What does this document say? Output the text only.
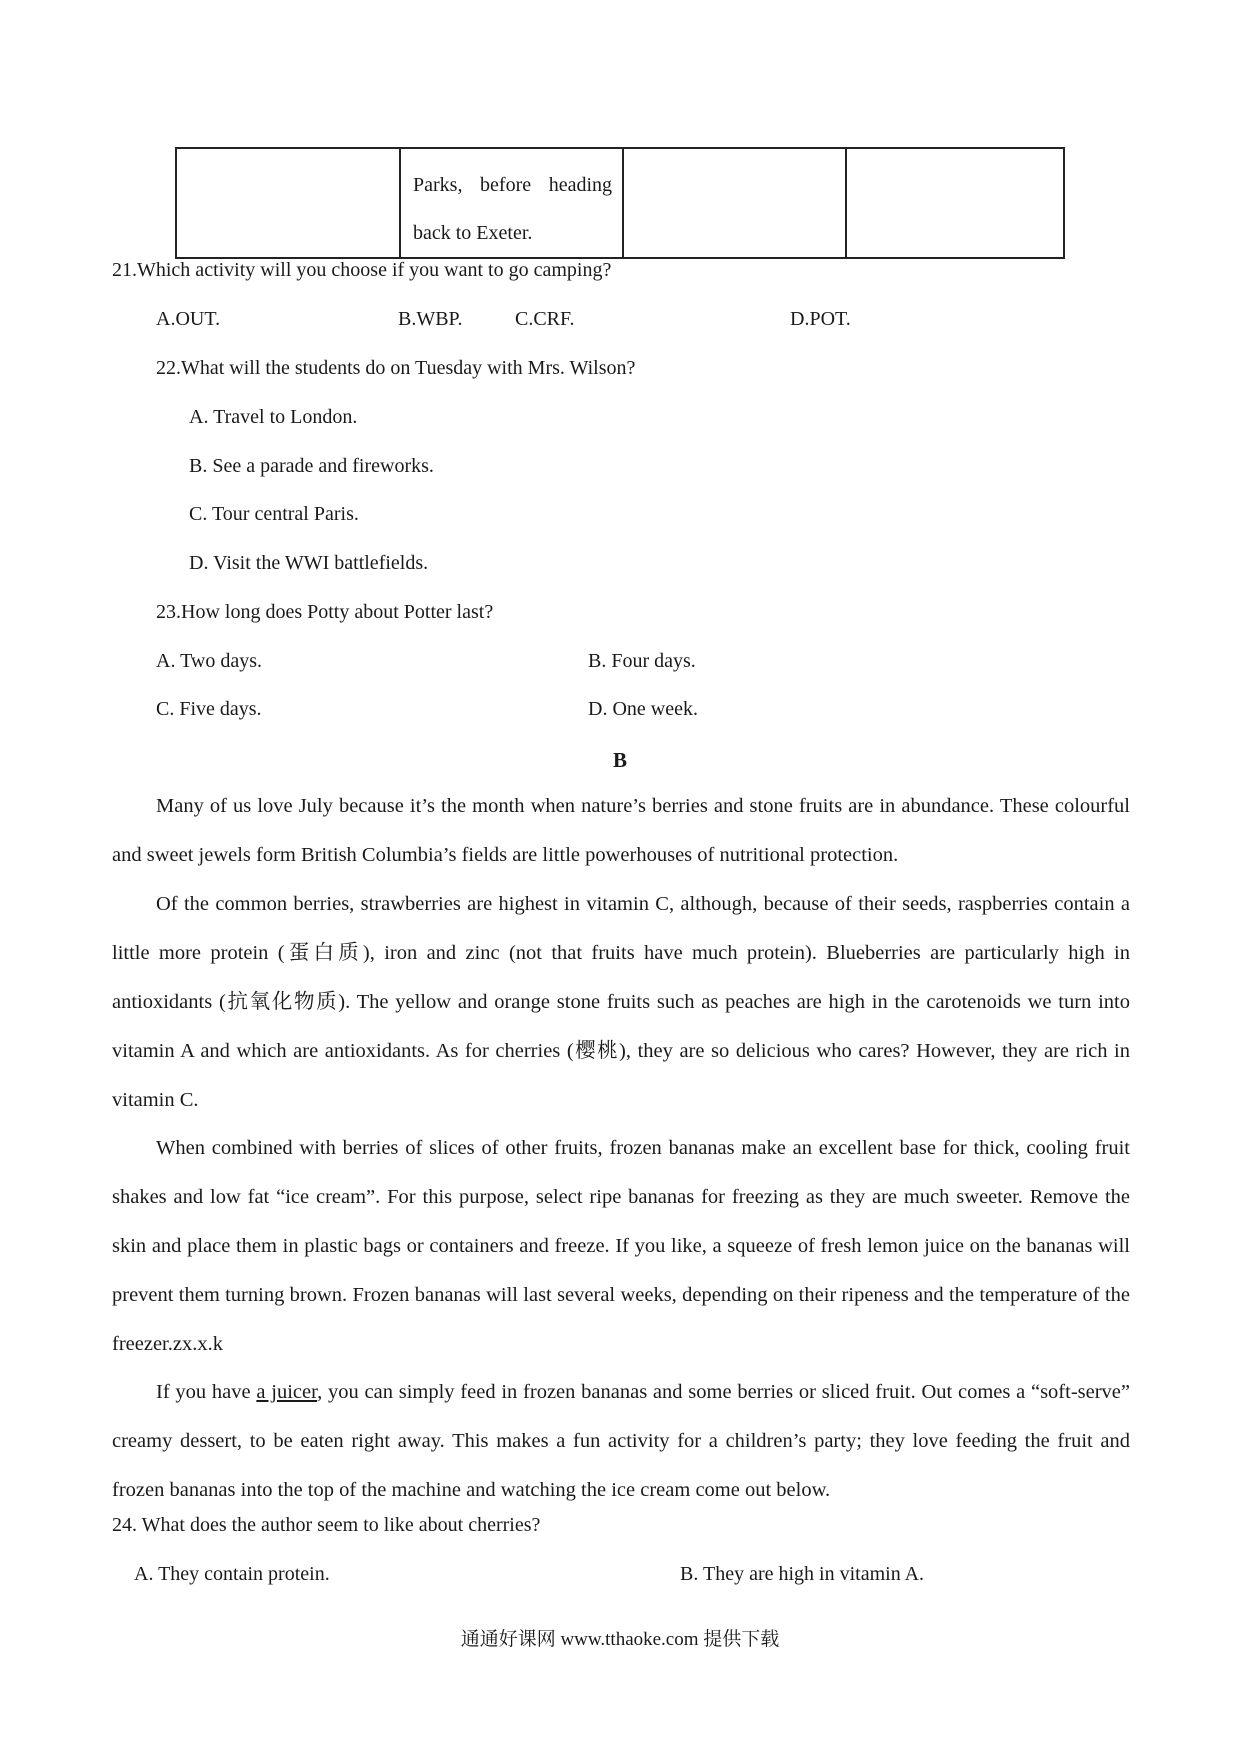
Parks, before heading back to Exeter.

21.Which activity will you choose if you want to go camping?
A.OUT.	B.WBP.	C.CRF.	D.POT.
22.What will the students do on Tuesday with Mrs. Wilson?
A. Travel to London.
B. See a parade and fireworks.
C. Tour central Paris.
D. Visit the WWI battlefields.
23.How long does Potty about Potter last?
A. Two days.	B. Four days.
C. Five days.	D. One week.
B

Many of us love July because it’s the month when nature’s berries and stone fruits are in abundance. These colourful and sweet jewels form British Columbia’s fields are little powerhouses of nutritional protection.

Of the common berries, strawberries are highest in vitamin C, although, because of their seeds, raspberries contain a little more protein (蛋白质), iron and zinc (not that fruits have much protein). Blueberries are particularly high in antioxidants (抗氧化物质). The yellow and orange stone fruits such as peaches are high in the carotenoids we turn into vitamin A and which are antioxidants. As for cherries (樱桃), they are so delicious who cares? However, they are rich in vitamin C.

When combined with berries of slices of other fruits, frozen bananas make an excellent base for thick, cooling fruit shakes and low fat “ice cream”. For this purpose, select ripe bananas for freezing as they are much sweeter. Remove the skin and place them in plastic bags or containers and freeze. If you like, a squeeze of fresh lemon juice on the bananas will prevent them turning brown. Frozen bananas will last several weeks, depending on their ripeness and the temperature of the freezer.zx.x.k

If you have a juicer, you can simply feed in frozen bananas and some berries or sliced fruit. Out comes a “soft-serve” creamy dessert, to be eaten right away. This makes a fun activity for a children’s party; they love feeding the fruit and frozen bananas into the top of the machine and watching the ice cream come out below.

24. What does the author seem to like about cherries?
A. They contain protein.	B. They are high in vitamin A.
通通好课网 www.tthaoke.com 提供下载
